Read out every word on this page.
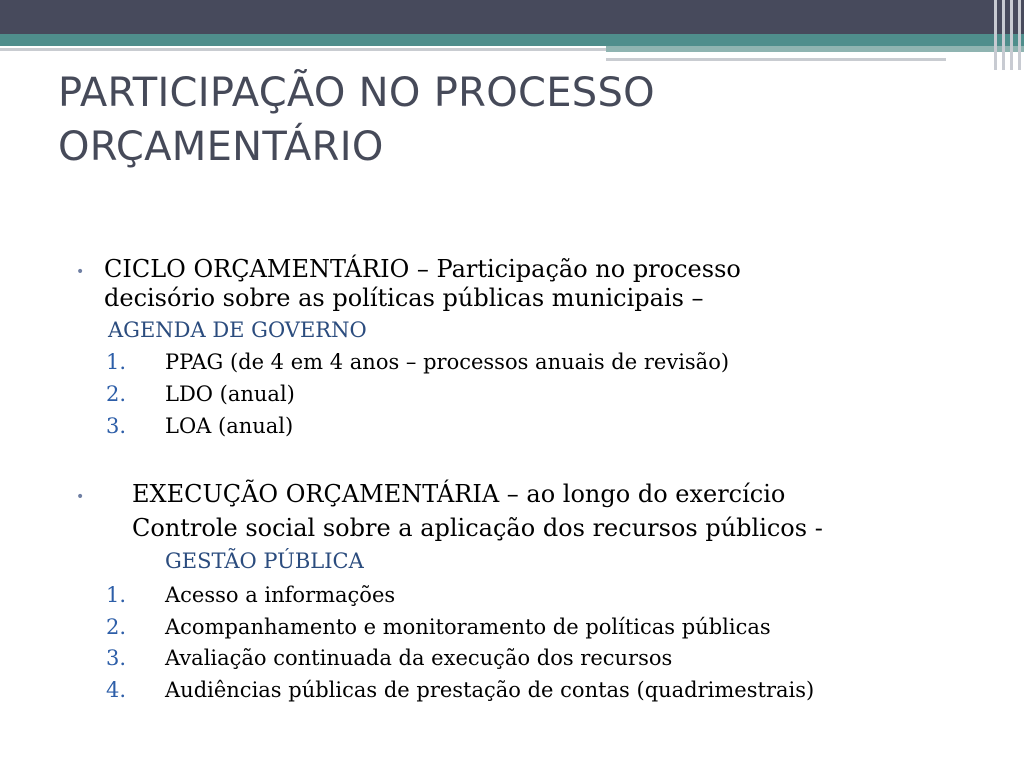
PARTICIPAÇÃO NO PROCESSO
ORÇAMENTÁRIO
• CICLO ORÇAMENTÁRIO – Participação no processo
decisório sobre as políticas públicas municipais –
AGENDA DE GOVERNO
1. PPAG (de 4 em 4 anos – processos anuais de revisão)
2. LDO (anual)
3. LOA (anual)
• EXECUÇÃO ORÇAMENTÁRIA – ao longo do exercício
Controle social sobre a aplicação dos recursos públicos -
GESTÃO PÚBLICA
1. Acesso a informações
2. Acompanhamento e monitoramento de políticas públicas
3. Avaliação continuada da execução dos recursos
4. Audiências públicas de prestação de contas (quadrimestrais)
